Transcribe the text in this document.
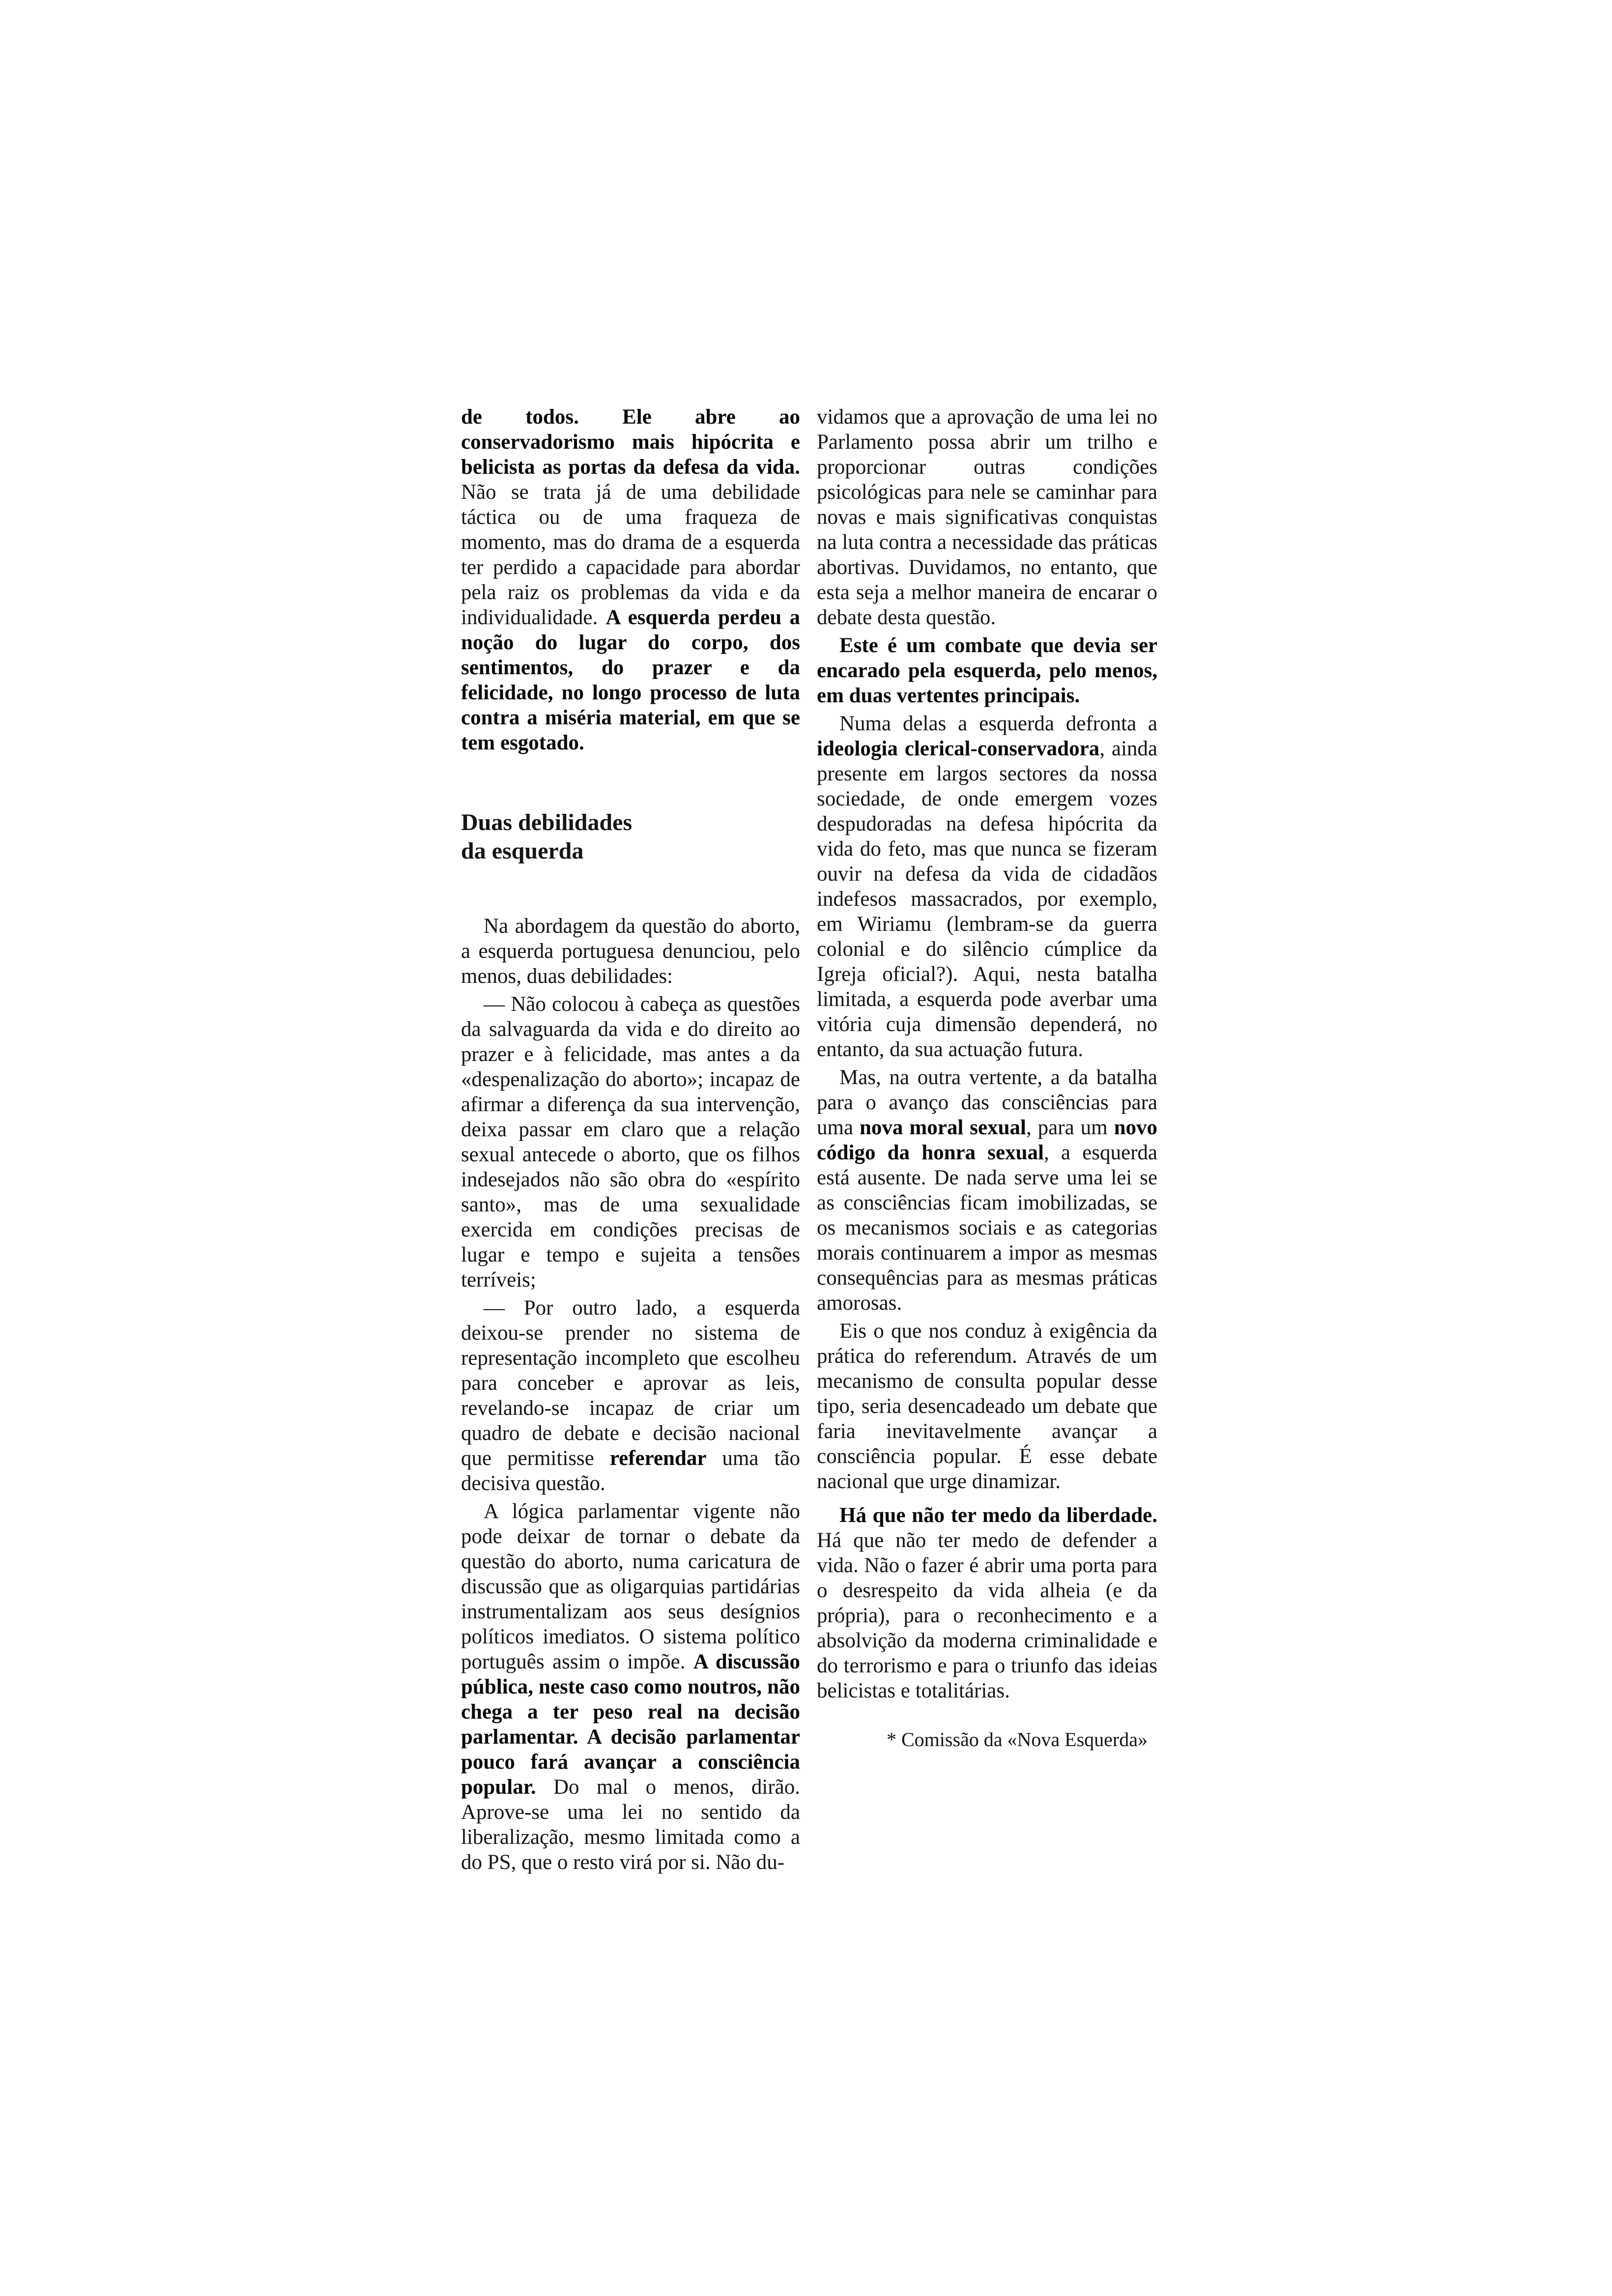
de todos. Ele abre ao conservadorismo mais hipócrita e belicista as portas da defesa da vida. Não se trata já de uma debilidade táctica ou de uma fraqueza de momento, mas do drama de a esquerda ter perdido a capacidade para abordar pela raiz os problemas da vida e da individualidade. A esquerda perdeu a noção do lugar do corpo, dos sentimentos, do prazer e da felicidade, no longo processo de luta contra a miséria material, em que se tem esgotado.

Duas debilidades
da esquerda

Na abordagem da questão do aborto, a esquerda portuguesa denunciou, pelo menos, duas debilidades:

— Não colocou à cabeça as questões da salvaguarda da vida e do direito ao prazer e à felicidade, mas antes a da «despenalização do aborto»; incapaz de afirmar a diferença da sua intervenção, deixa passar em claro que a relação sexual antecede o aborto, que os filhos indesejados não são obra do «espírito santo», mas de uma sexualidade exercida em condições precisas de lugar e tempo e sujeita a tensões terríveis;

— Por outro lado, a esquerda deixou-se prender no sistema de representação incompleto que escolheu para conceber e aprovar as leis, revelando-se incapaz de criar um quadro de debate e decisão nacional que permitisse referendar uma tão decisiva questão.

A lógica parlamentar vigente não pode deixar de tornar o debate da questão do aborto, numa caricatura de discussão que as oligarquias partidárias instrumentalizam aos seus desígnios políticos imediatos. O sistema político português assim o impõe. A discussão pública, neste caso como noutros, não chega a ter peso real na decisão parlamentar. A decisão parlamentar pouco fará avançar a consciência popular. Do mal o menos, dirão. Aprove-se uma lei no sentido da liberalização, mesmo limitada como a do PS, que o resto virá por si. Não du-

vidamos que a aprovação de uma lei no Parlamento possa abrir um trilho e proporcionar outras condições psicológicas para nele se caminhar para novas e mais significativas conquistas na luta contra a necessidade das práticas abortivas. Duvidamos, no entanto, que esta seja a melhor maneira de encarar o debate desta questão.

Este é um combate que devia ser encarado pela esquerda, pelo menos, em duas vertentes principais.

Numa delas a esquerda defronta a ideologia clerical-conservadora, ainda presente em largos sectores da nossa sociedade, de onde emergem vozes despudoradas na defesa hipócrita da vida do feto, mas que nunca se fizeram ouvir na defesa da vida de cidadãos indefesos massacrados, por exemplo, em Wiriamu (lembram-se da guerra colonial e do silêncio cúmplice da Igreja oficial?). Aqui, nesta batalha limitada, a esquerda pode averbar uma vitória cuja dimensão dependerá, no entanto, da sua actuação futura.

Mas, na outra vertente, a da batalha para o avanço das consciências para uma nova moral sexual, para um novo código da honra sexual, a esquerda está ausente. De nada serve uma lei se as consciências ficam imobilizadas, se os mecanismos sociais e as categorias morais continuarem a impor as mesmas consequências para as mesmas práticas amorosas.

Eis o que nos conduz à exigência da prática do referendum. Através de um mecanismo de consulta popular desse tipo, seria desencadeado um debate que faria inevitavelmente avançar a consciência popular. É esse debate nacional que urge dinamizar.

Há que não ter medo da liberdade. Há que não ter medo de defender a vida. Não o fazer é abrir uma porta para o desrespeito da vida alheia (e da própria), para o reconhecimento e a absolvição da moderna criminalidade e do terrorismo e para o triunfo das ideias belicistas e totalitárias.

* Comissão da «Nova Esquerda»
